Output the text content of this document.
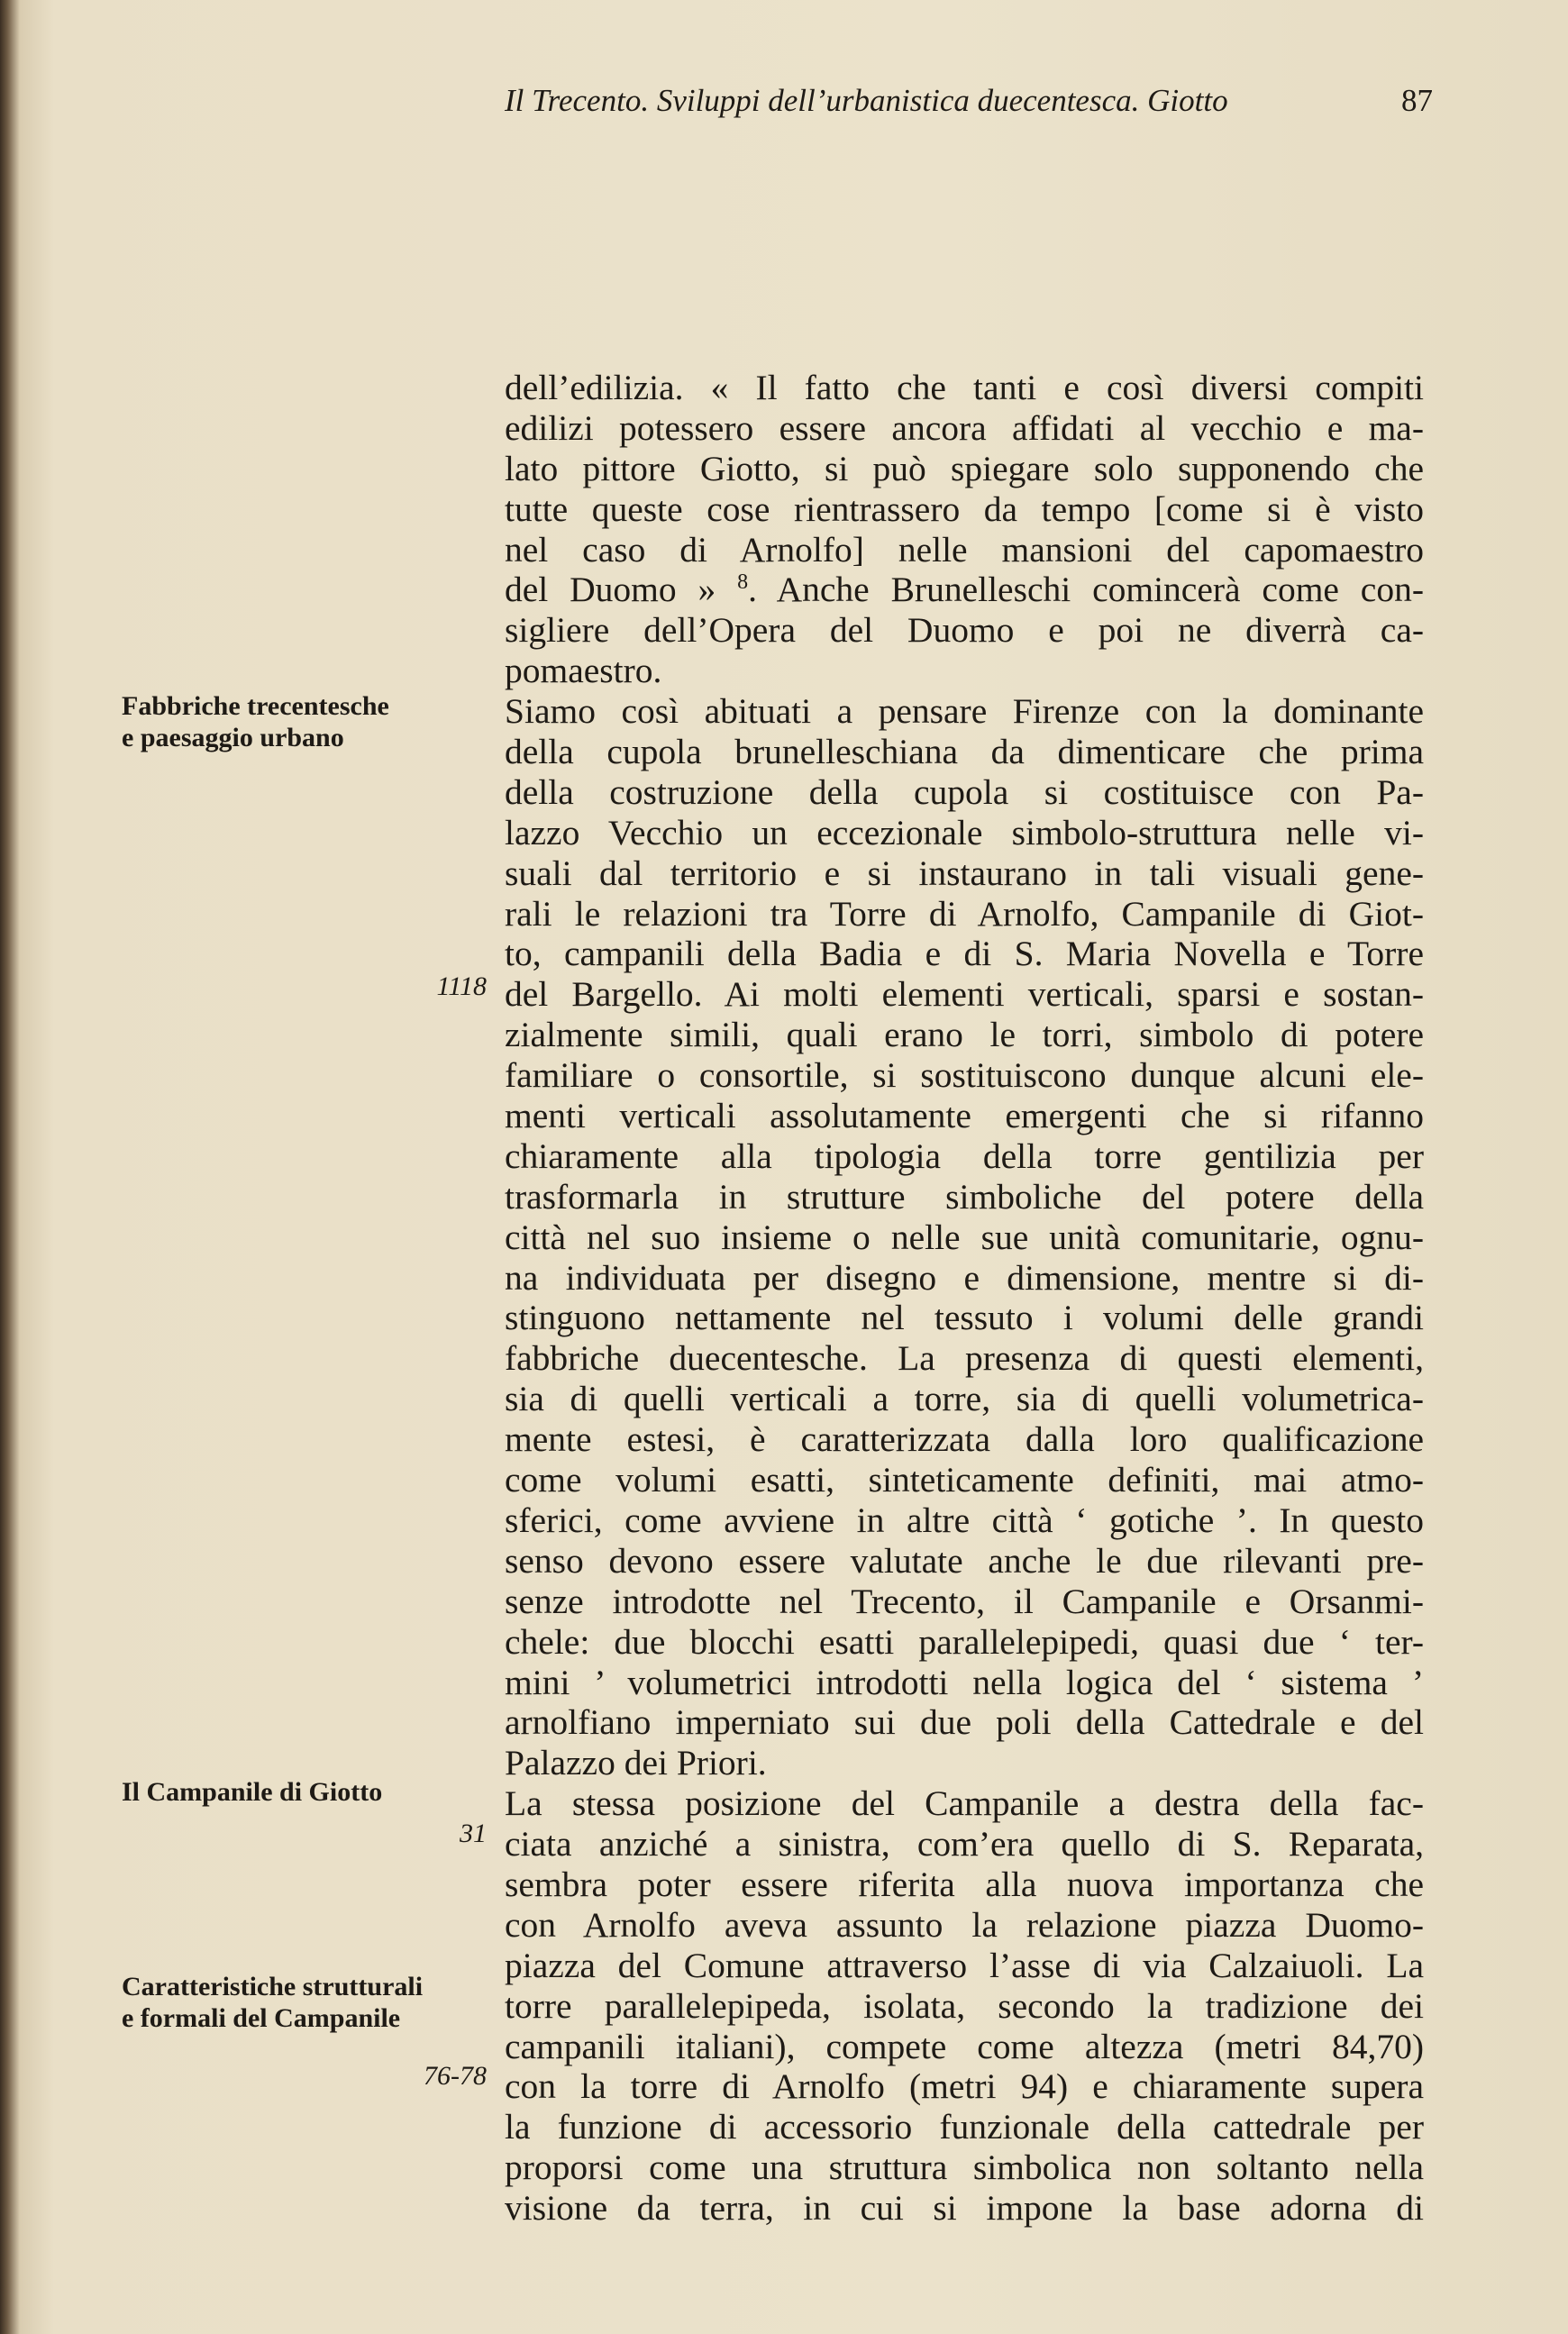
Il Trecento. Sviluppi dell’urbanistica duecentesca. Giotto	87
Fabbriche trecentesche
e paesaggio urbano
Il Campanile di Giotto
Caratteristiche strutturali
e formali del Campanile
1118
31
76-78
dell’edilizia. « Il fatto che tanti e così diversi compiti
edilizi potessero essere ancora affidati al vecchio e ma-
lato pittore Giotto, si può spiegare solo supponendo che
tutte queste cose rientrassero da tempo [come si è visto
nel caso di Arnolfo] nelle mansioni del capomaestro
del Duomo » $^8$. Anche Brunelleschi comincerà come con-
sigliere dell’Opera del Duomo e poi ne diverrà ca-
pomaestro.
Siamo così abituati a pensare Firenze con la dominante
della cupola brunelleschiana da dimenticare che prima
della costruzione della cupola si costituisce con Pa-
lazzo Vecchio un eccezionale simbolo-struttura nelle vi-
suali dal territorio e si instaurano in tali visuali gene-
rali le relazioni tra Torre di Arnolfo, Campanile di Giot-
to, campanili della Badia e di S. Maria Novella e Torre
del Bargello. Ai molti elementi verticali, sparsi e sostan-
zialmente simili, quali erano le torri, simbolo di potere
familiare o consortile, si sostituiscono dunque alcuni ele-
menti verticali assolutamente emergenti che si rifanno
chiaramente alla tipologia della torre gentilizia per
trasformarla in strutture simboliche del potere della
città nel suo insieme o nelle sue unità comunitarie, ognu-
na individuata per disegno e dimensione, mentre si di-
stinguono nettamente nel tessuto i volumi delle grandi
fabbriche duecentesche. La presenza di questi elementi,
sia di quelli verticali a torre, sia di quelli volumetrica-
mente estesi, è caratterizzata dalla loro qualificazione
come volumi esatti, sinteticamente definiti, mai atmo-
sferici, come avviene in altre città ‘ gotiche ’. In questo
senso devono essere valutate anche le due rilevanti pre-
senze introdotte nel Trecento, il Campanile e Orsanmi-
chele: due blocchi esatti parallelepipedi, quasi due ‘ ter-
mini ’ volumetrici introdotti nella logica del ‘ sistema ’
arnolfiano imperniato sui due poli della Cattedrale e del
Palazzo dei Priori.
La stessa posizione del Campanile a destra della fac-
ciata anziché a sinistra, com’era quello di S. Reparata,
sembra poter essere riferita alla nuova importanza che
con Arnolfo aveva assunto la relazione piazza Duomo-
piazza del Comune attraverso l’asse di via Calzaiuoli. La
torre parallelepipeda, isolata, secondo la tradizione dei
campanili italiani), compete come altezza (metri 84,70)
con la torre di Arnolfo (metri 94) e chiaramente supera
la funzione di accessorio funzionale della cattedrale per
proporsi come una struttura simbolica non soltanto nella
visione da terra, in cui si impone la base adorna di
